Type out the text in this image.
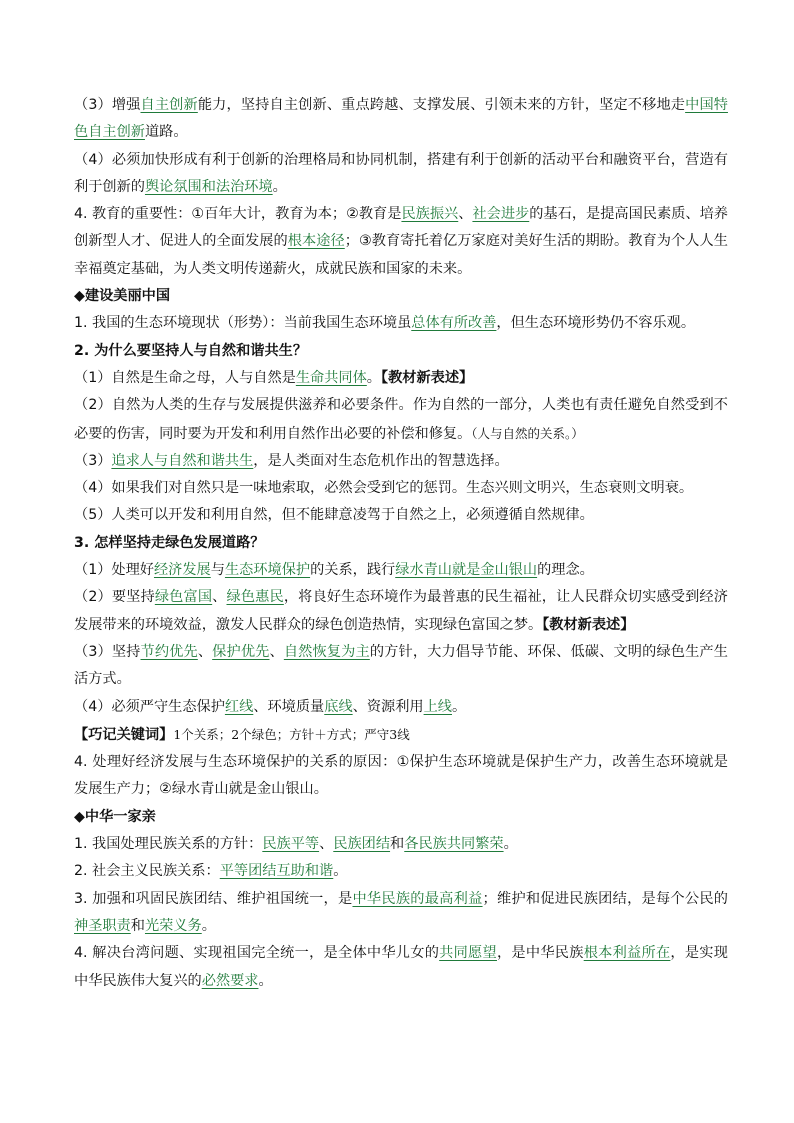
（3）增强自主创新能力，坚持自主创新、重点跨越、支撑发展、引领未来的方针，坚定不移地走中国特色自主创新道路。

（4）必须加快形成有利于创新的治理格局和协同机制，搭建有利于创新的活动平台和融资平台，营造有利于创新的舆论氛围和法治环境。

4. 教育的重要性：①百年大计，教育为本；②教育是民族振兴、社会进步的基石，是提高国民素质、培养创新型人才、促进人的全面发展的根本途径；③教育寄托着亿万家庭对美好生活的期盼。教育为个人人生幸福奠定基础，为人类文明传递薪火，成就民族和国家的未来。

◆建设美丽中国

1. 我国的生态环境现状（形势）：当前我国生态环境虽总体有所改善，但生态环境形势仍不容乐观。

2. 为什么要坚持人与自然和谐共生？

（1）自然是生命之母，人与自然是生命共同体。【教材新表述】

（2）自然为人类的生存与发展提供滋养和必要条件。作为自然的一部分，人类也有责任避免自然受到不必要的伤害，同时要为开发和利用自然作出必要的补偿和修复。（人与自然的关系。）

（3）追求人与自然和谐共生，是人类面对生态危机作出的智慧选择。

（4）如果我们对自然只是一味地索取，必然会受到它的惩罚。生态兴则文明兴，生态衰则文明衰。

（5）人类可以开发和利用自然，但不能肆意凌驾于自然之上，必须遵循自然规律。

3. 怎样坚持走绿色发展道路？

（1）处理好经济发展与生态环境保护的关系，践行绿水青山就是金山银山的理念。

（2）要坚持绿色富国、绿色惠民，将良好生态环境作为最普惠的民生福祉，让人民群众切实感受到经济发展带来的环境效益，激发人民群众的绿色创造热情，实现绿色富国之梦。【教材新表述】

（3）坚持节约优先、保护优先、自然恢复为主的方针，大力倡导节能、环保、低碳、文明的绿色生产生活方式。

（4）必须严守生态保护红线、环境质量底线、资源利用上线。

【巧记关键词】1个关系；2个绿色；方针＋方式；严守3线

4. 处理好经济发展与生态环境保护的关系的原因：①保护生态环境就是保护生产力，改善生态环境就是发展生产力；②绿水青山就是金山银山。

◆中华一家亲

1. 我国处理民族关系的方针：民族平等、民族团结和各民族共同繁荣。

2. 社会主义民族关系：平等团结互助和谐。

3. 加强和巩固民族团结、维护祖国统一，是中华民族的最高利益；维护和促进民族团结，是每个公民的神圣职责和光荣义务。

4. 解决台湾问题、实现祖国完全统一，是全体中华儿女的共同愿望，是中华民族根本利益所在，是实现中华民族伟大复兴的必然要求。
